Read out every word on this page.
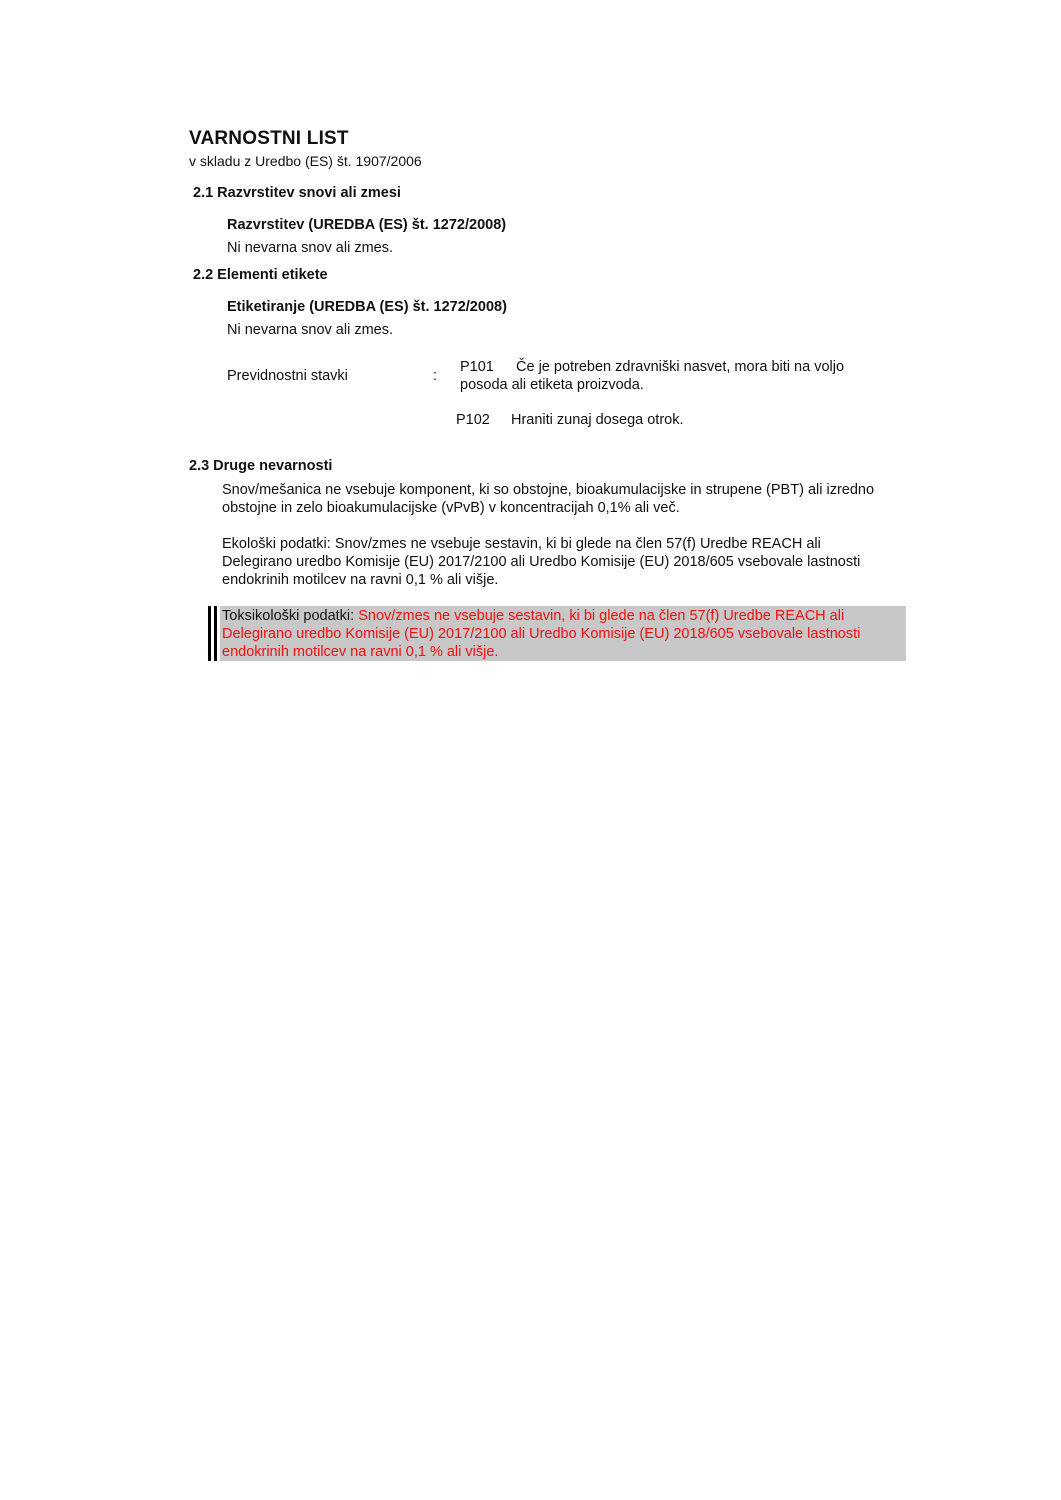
VARNOSTNI LIST
v skladu z Uredbo (ES) št. 1907/2006
2.1 Razvrstitev snovi ali zmesi
Razvrstitev (UREDBA (ES) št. 1272/2008)
Ni nevarna snov ali zmes.
2.2 Elementi etikete
Etiketiranje (UREDBA (ES) št. 1272/2008)
Ni nevarna snov ali zmes.
Previdnostni stavki	:
P101 Če je potreben zdravniški nasvet, mora biti na voljo
posoda ali etiketa proizvoda.
P102 Hraniti zunaj dosega otrok.
2.3 Druge nevarnosti
Snov/mešanica ne vsebuje komponent, ki so obstojne, bioakumulacijske in strupene (PBT) ali izredno obstojne in zelo bioakumulacijske (vPvB) v koncentracijah 0,1% ali več.
Ekološki podatki: Snov/zmes ne vsebuje sestavin, ki bi glede na člen 57(f) Uredbe REACH ali Delegirano uredbo Komisije (EU) 2017/2100 ali Uredbo Komisije (EU) 2018/605 vsebovale lastnosti endokrinih motilcev na ravni 0,1 % ali višje.
Toksikološki podatki: Snov/zmes ne vsebuje sestavin, ki bi glede na člen 57(f) Uredbe REACH ali Delegirano uredbo Komisije (EU) 2017/2100 ali Uredbo Komisije (EU) 2018/605 vsebovale lastnosti endokrinih motilcev na ravni 0,1 % ali višje.
